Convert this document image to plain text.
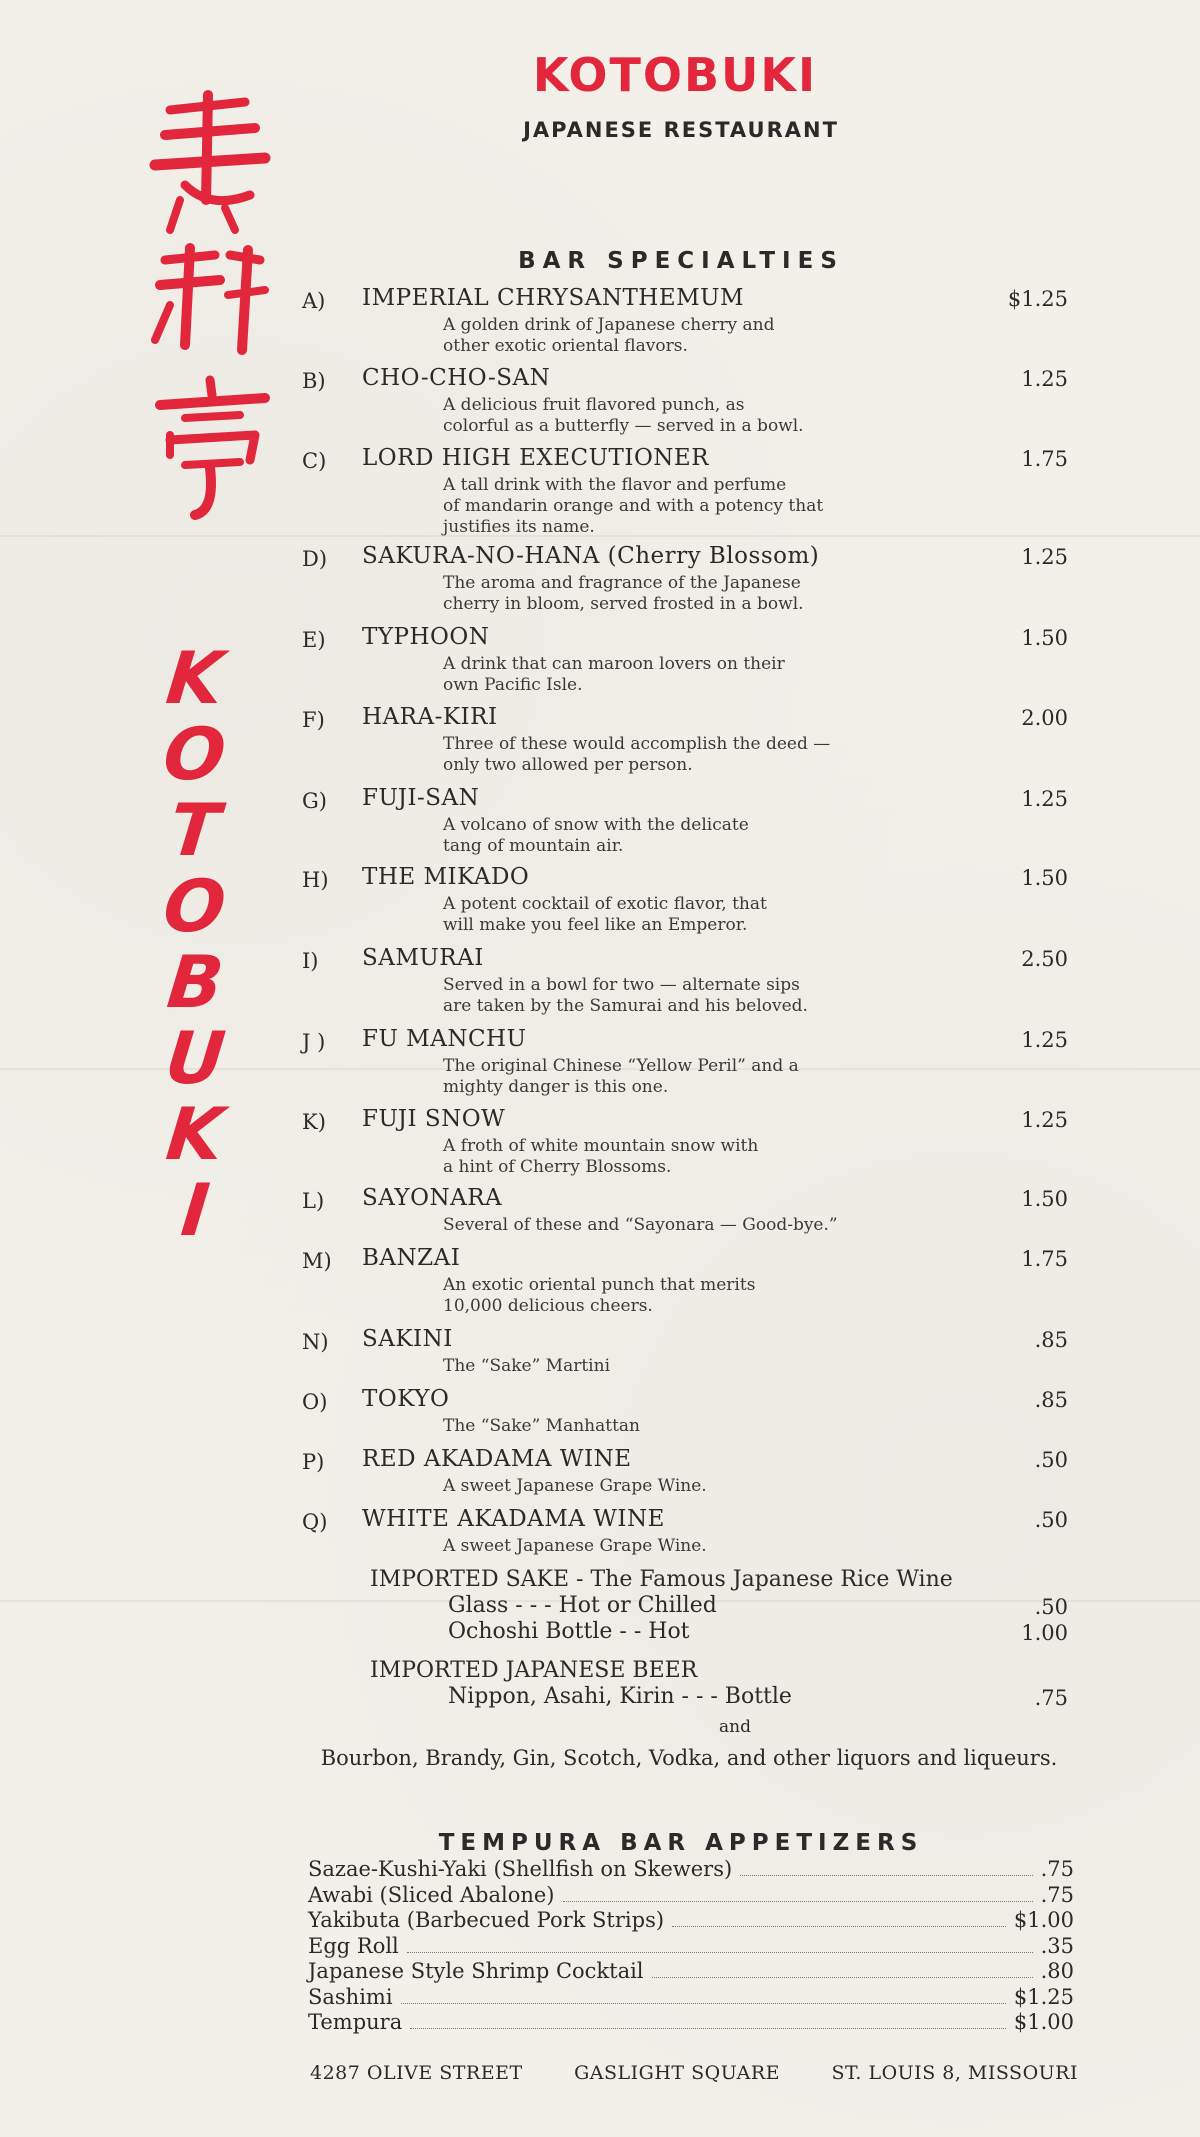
KOTOBUKI
JAPANESE RESTAURANT
K
O
T
O
B
U
K
I
BAR SPECIALTIES
A) IMPERIAL CHRYSANTHEMUM	$1.25
A golden drink of Japanese cherry and
other exotic oriental flavors.
B) CHO-CHO-SAN	1.25
A delicious fruit flavored punch, as
colorful as a butterfly — served in a bowl.
C) LORD HIGH EXECUTIONER	1.75
A tall drink with the flavor and perfume
of mandarin orange and with a potency that
justifies its name.
D) SAKURA-NO-HANA (Cherry Blossom)	1.25
The aroma and fragrance of the Japanese
cherry in bloom, served frosted in a bowl.
E) TYPHOON	1.50
A drink that can maroon lovers on their
own Pacific Isle.
F) HARA-KIRI	2.00
Three of these would accomplish the deed —
only two allowed per person.
G) FUJI-SAN	1.25
A volcano of snow with the delicate
tang of mountain air.
H) THE MIKADO	1.50
A potent cocktail of exotic flavor, that
will make you feel like an Emperor.
I) SAMURAI	2.50
Served in a bowl for two — alternate sips
are taken by the Samurai and his beloved.
J ) FU MANCHU	1.25
The original Chinese “Yellow Peril” and a
mighty danger is this one.
K) FUJI SNOW	1.25
A froth of white mountain snow with
a hint of Cherry Blossoms.
L) SAYONARA	1.50
Several of these and “Sayonara — Good-bye.”
M) BANZAI	1.75
An exotic oriental punch that merits
10,000 delicious cheers.
N) SAKINI	.85
The “Sake” Martini
O) TOKYO	.85
The “Sake” Manhattan
P) RED AKADAMA WINE	.50
A sweet Japanese Grape Wine.
Q) WHITE AKADAMA WINE	.50
A sweet Japanese Grape Wine.
IMPORTED SAKE - The Famous Japanese Rice Wine
Glass - - - Hot or Chilled	.50
Ochoshi Bottle - - Hot	1.00
IMPORTED JAPANESE BEER
Nippon, Asahi, Kirin - - - Bottle	.75
and
Bourbon, Brandy, Gin, Scotch, Vodka, and other liquors and liqueurs.
TEMPURA BAR APPETIZERS
Sazae-Kushi-Yaki (Shellfish on Skewers)	.75
Awabi (Sliced Abalone)	.75
Yakibuta (Barbecued Pork Strips)	$1.00
Egg Roll	.35
Japanese Style Shrimp Cocktail	.80
Sashimi	$1.25
Tempura	$1.00
4287 OLIVE STREET	GASLIGHT SQUARE	ST. LOUIS 8, MISSOURI
